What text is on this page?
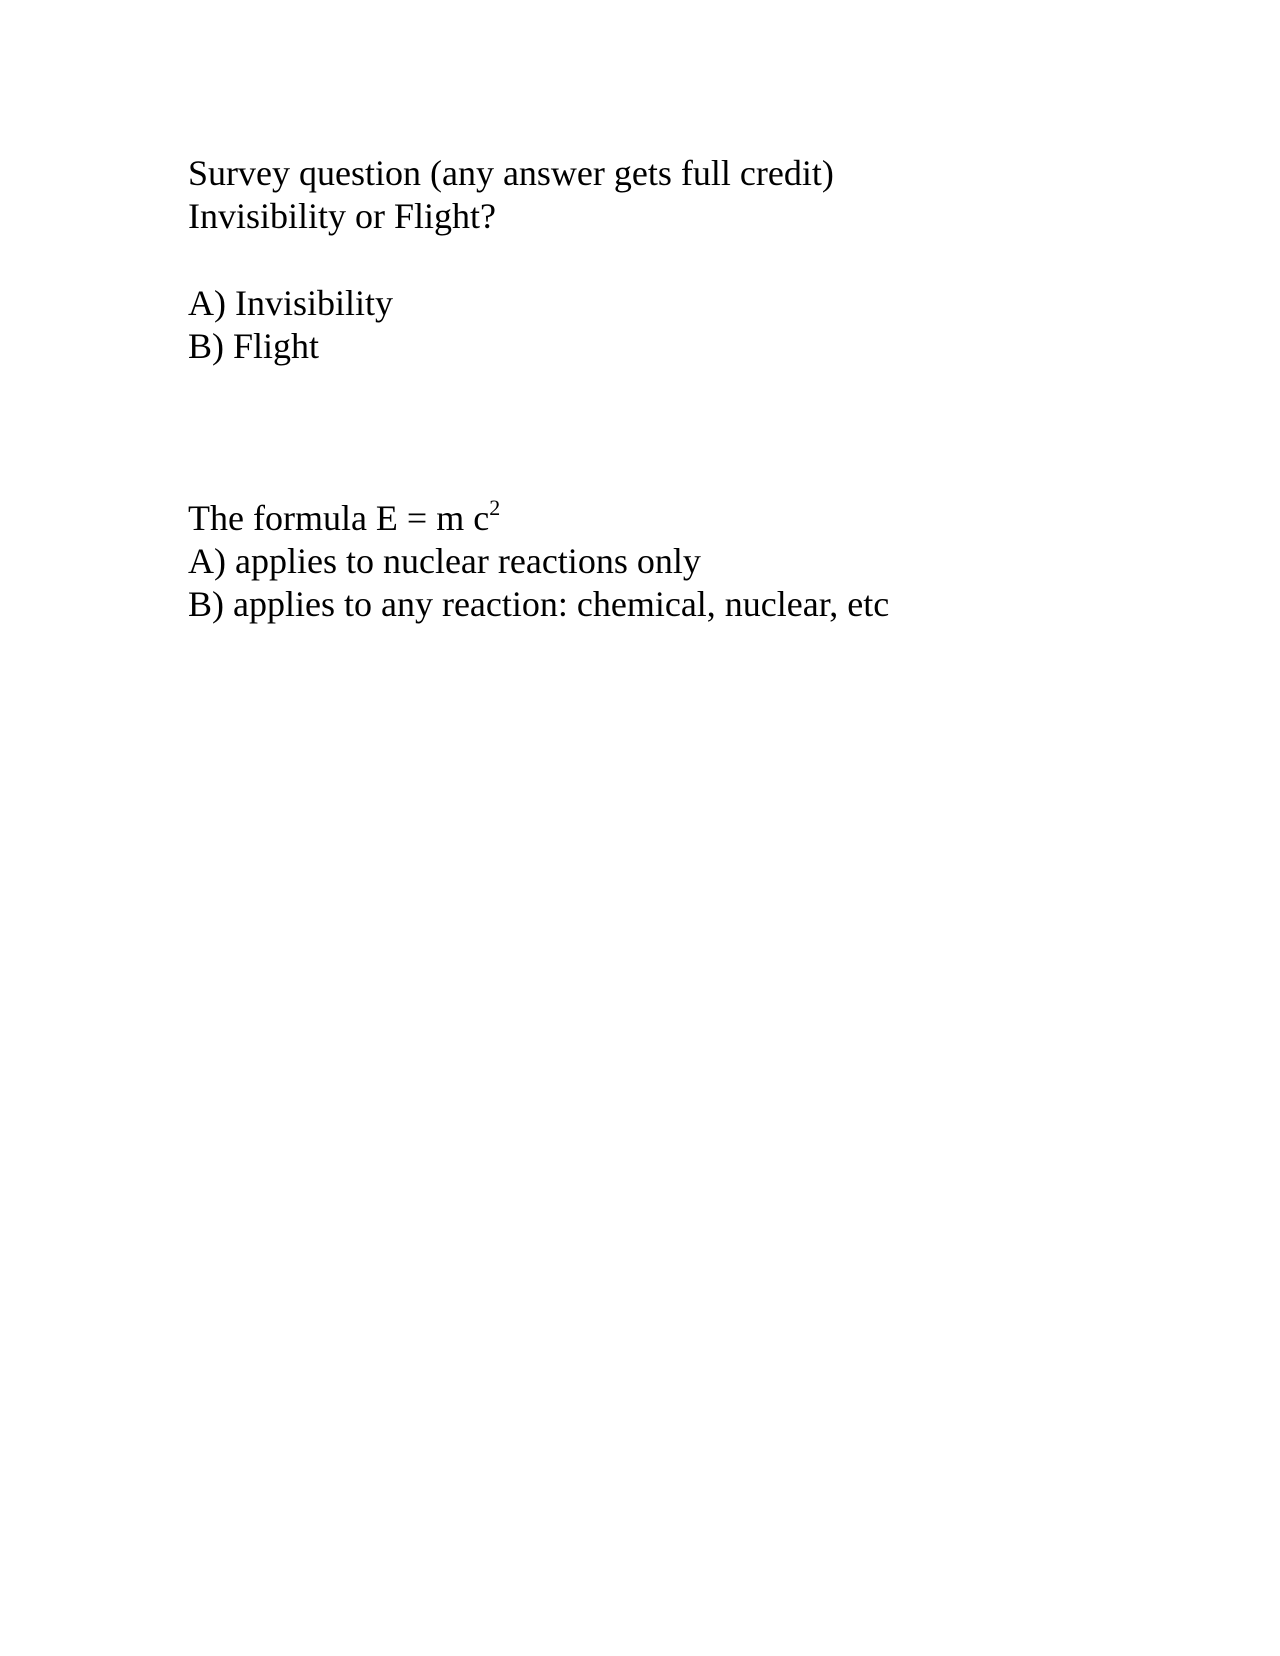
Survey question (any answer gets full credit)
Invisibility or Flight?
A) Invisibility
B) Flight
The formula E = m $c^2$
A) applies to nuclear reactions only
B) applies to any reaction: chemical, nuclear, etc
